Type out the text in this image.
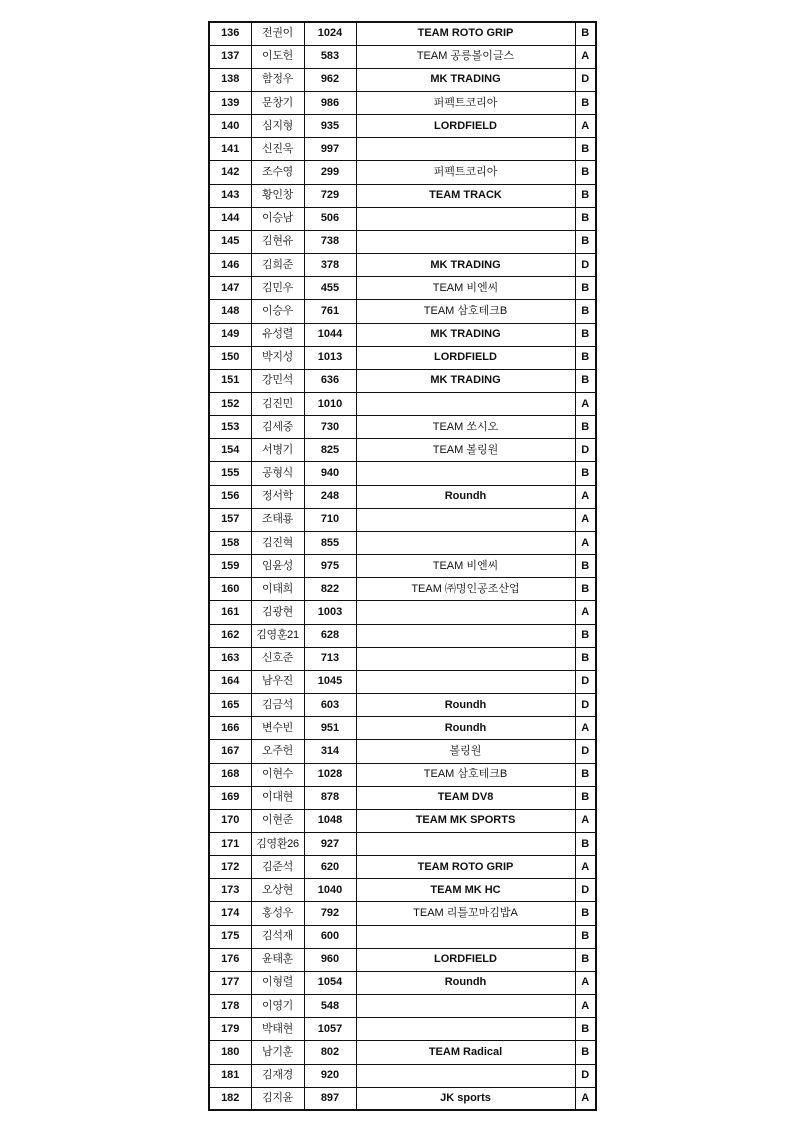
136	전권이	1024	TEAM ROTO GRIP	B
137	이도헌	583	TEAM 공릉볼이글스	A
138	함정우	962	MK TRADING	D
139	문창기	986	퍼펙트코리아	B
140	심지형	935	LORDFIELD	A
141	신진욱	997		B
142	조수영	299	퍼펙트코리아	B
143	황인창	729	TEAM TRACK	B
144	이승남	506		B
145	김현유	738		B
146	김희준	378	MK TRADING	D
147	김민우	455	TEAM 비엔씨	B
148	이승우	761	TEAM 삼호테크B	B
149	유성렬	1044	MK TRADING	B
150	박지성	1013	LORDFIELD	B
151	강민석	636	MK TRADING	B
152	김진민	1010		A
153	김세중	730	TEAM 쏘시오	B
154	서병기	825	TEAM 볼링원	D
155	공형식	940		B
156	정서학	248	Roundh	A
157	조태룡	710		A
158	김진혁	855		A
159	임윤성	975	TEAM 비엔씨	B
160	이태희	822	TEAM ㈜명인공조산업	B
161	김광현	1003		A
162	김영훈21	628		B
163	신호준	713		B
164	남우진	1045		D
165	김금석	603	Roundh	D
166	변수빈	951	Roundh	A
167	오주헌	314	볼링원	D
168	이현수	1028	TEAM 삼호테크B	B
169	이대현	878	TEAM DV8	B
170	이현준	1048	TEAM MK SPORTS	A
171	김영환26	927		B
172	김준석	620	TEAM ROTO GRIP	A
173	오상현	1040	TEAM MK HC	D
174	홍성우	792	TEAM 리틀꼬마김밥A	B
175	김석재	600		B
176	윤태훈	960	LORDFIELD	B
177	이형렬	1054	Roundh	A
178	이영기	548		A
179	박태현	1057		B
180	남기훈	802	TEAM Radical	B
181	김재경	920		D
182	김지윤	897	JK sports	A
